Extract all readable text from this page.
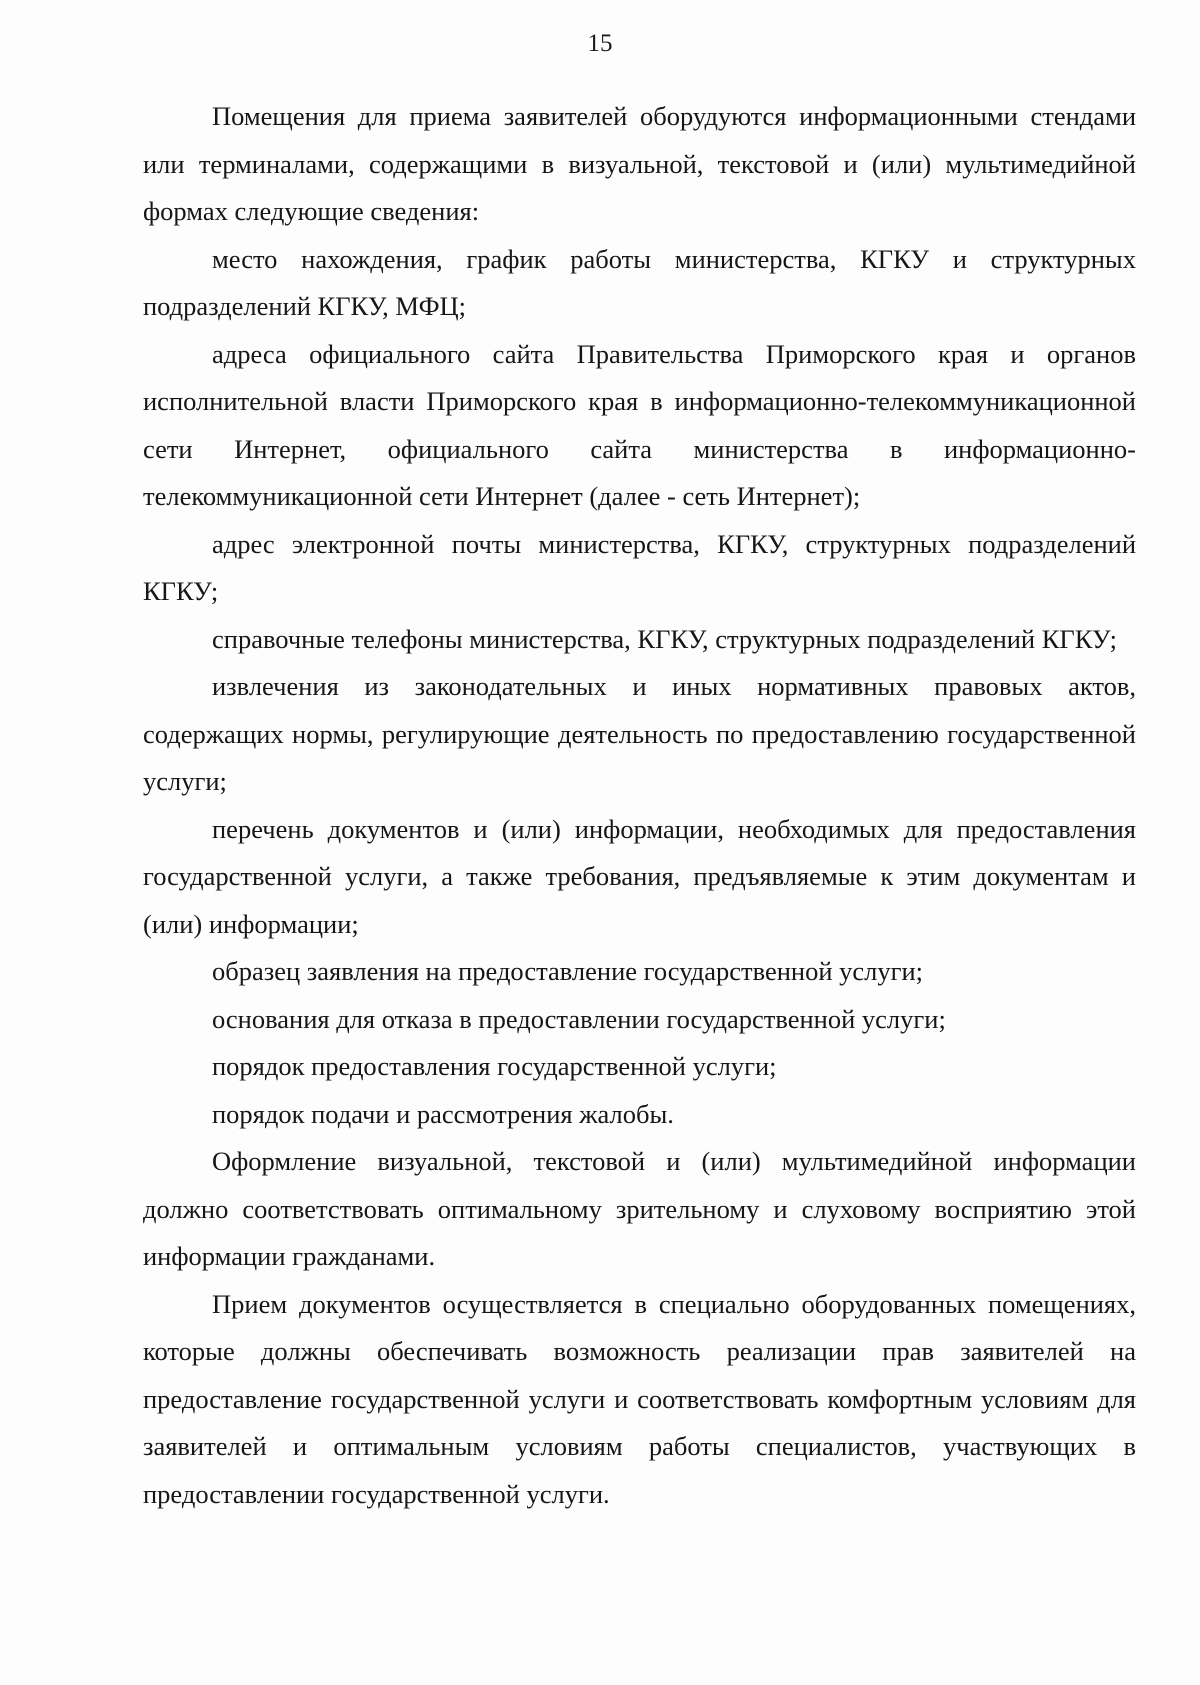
15

Помещения для приема заявителей оборудуются информационными стендами или терминалами, содержащими в визуальной, текстовой и (или) мультимедийной формах следующие сведения:

место нахождения, график работы министерства, КГКУ и структурных подразделений КГКУ, МФЦ;

адреса официального сайта Правительства Приморского края и органов исполнительной власти Приморского края в информационно-телекоммуникационной сети Интернет, официального сайта министерства в информационно-телекоммуникационной сети Интернет (далее - сеть Интернет);

адрес электронной почты министерства, КГКУ, структурных подразделений КГКУ;

справочные телефоны министерства, КГКУ, структурных подразделений КГКУ;

извлечения из законодательных и иных нормативных правовых актов, содержащих нормы, регулирующие деятельность по предоставлению государственной услуги;

перечень документов и (или) информации, необходимых для предоставления государственной услуги, а также требования, предъявляемые к этим документам и (или) информации;

образец заявления на предоставление государственной услуги;

основания для отказа в предоставлении государственной услуги;

порядок предоставления государственной услуги;

порядок подачи и рассмотрения жалобы.

Оформление визуальной, текстовой и (или) мультимедийной информации должно соответствовать оптимальному зрительному и слуховому восприятию этой информации гражданами.

Прием документов осуществляется в специально оборудованных помещениях, которые должны обеспечивать возможность реализации прав заявителей на предоставление государственной услуги и соответствовать комфортным условиям для заявителей и оптимальным условиям работы специалистов, участвующих в предоставлении государственной услуги.
